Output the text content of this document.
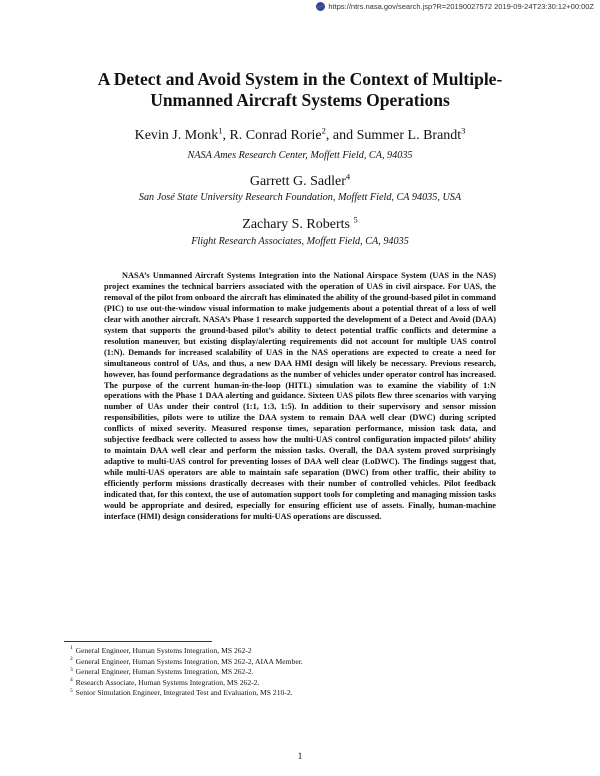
https://ntrs.nasa.gov/search.jsp?R=20190027572 2019-09-24T23:30:12+00:00Z
A Detect and Avoid System in the Context of Multiple-
Unmanned Aircraft Systems Operations
Kevin J. Monk$^1$, R. Conrad Rorie$^2$, and Summer L. Brandt$^3$
NASA Ames Research Center, Moffett Field, CA, 94035
Garrett G. Sadler$^4$
San José State University Research Foundation, Moffett Field, CA 94035, USA
Zachary S. Roberts $^5$
Flight Research Associates, Moffett Field, CA, 94035

NASA’s Unmanned Aircraft Systems Integration into the National Airspace System (UAS in the NAS) project examines the technical barriers associated with the operation of UAS in civil airspace. For UAS, the removal of the pilot from onboard the aircraft has eliminated the ability of the ground-based pilot in command (PIC) to use out-the-window visual information to make judgements about a potential threat of a loss of well clear with another aircraft. NASA’s Phase 1 research supported the development of a Detect and Avoid (DAA) system that supports the ground-based pilot’s ability to detect potential traffic conflicts and determine a resolution maneuver, but existing display/alerting requirements did not account for multiple UAS control (1:N). Demands for increased scalability of UAS in the NAS operations are expected to create a need for simultaneous control of UAs, and thus, a new DAA HMI design will likely be necessary. Previous research, however, has found performance degradations as the number of vehicles under operator control has increased. The purpose of the current human-in-the-loop (HITL) simulation was to examine the viability of 1:N operations with the Phase 1 DAA alerting and guidance. Sixteen UAS pilots flew three scenarios with varying number of UAs under their control (1:1, 1:3, 1:5). In addition to their supervisory and sensor mission responsibilities, pilots were to utilize the DAA system to remain DAA well clear (DWC) during scripted conflicts of mixed severity. Measured response times, separation performance, mission task data, and subjective feedback were collected to assess how the multi-UAS control configuration impacted pilots’ ability to maintain DAA well clear and perform the mission tasks. Overall, the DAA system proved surprisingly adaptive to multi-UAS control for preventing losses of DAA well clear (LoDWC). The findings suggest that, while multi-UAS operators are able to maintain safe separation (DWC) from other traffic, their ability to efficiently perform missions drastically decreases with their number of controlled vehicles. Pilot feedback indicated that, for this context, the use of automation support tools for completing and managing mission tasks would be appropriate and desired, especially for ensuring efficient use of assets. Finally, human-machine interface (HMI) design considerations for multi-UAS operations are discussed.

$^1$ General Engineer, Human Systems Integration, MS 262-2
$^2$ General Engineer, Human Systems Integration, MS 262-2, AIAA Member.
$^3$ General Engineer, Human Systems Integration, MS 262-2.
$^4$ Research Associate, Human Systems Integration, MS 262-2.
$^5$ Senior Simulation Engineer, Integrated Test and Evaluation, MS 210-2.
1
